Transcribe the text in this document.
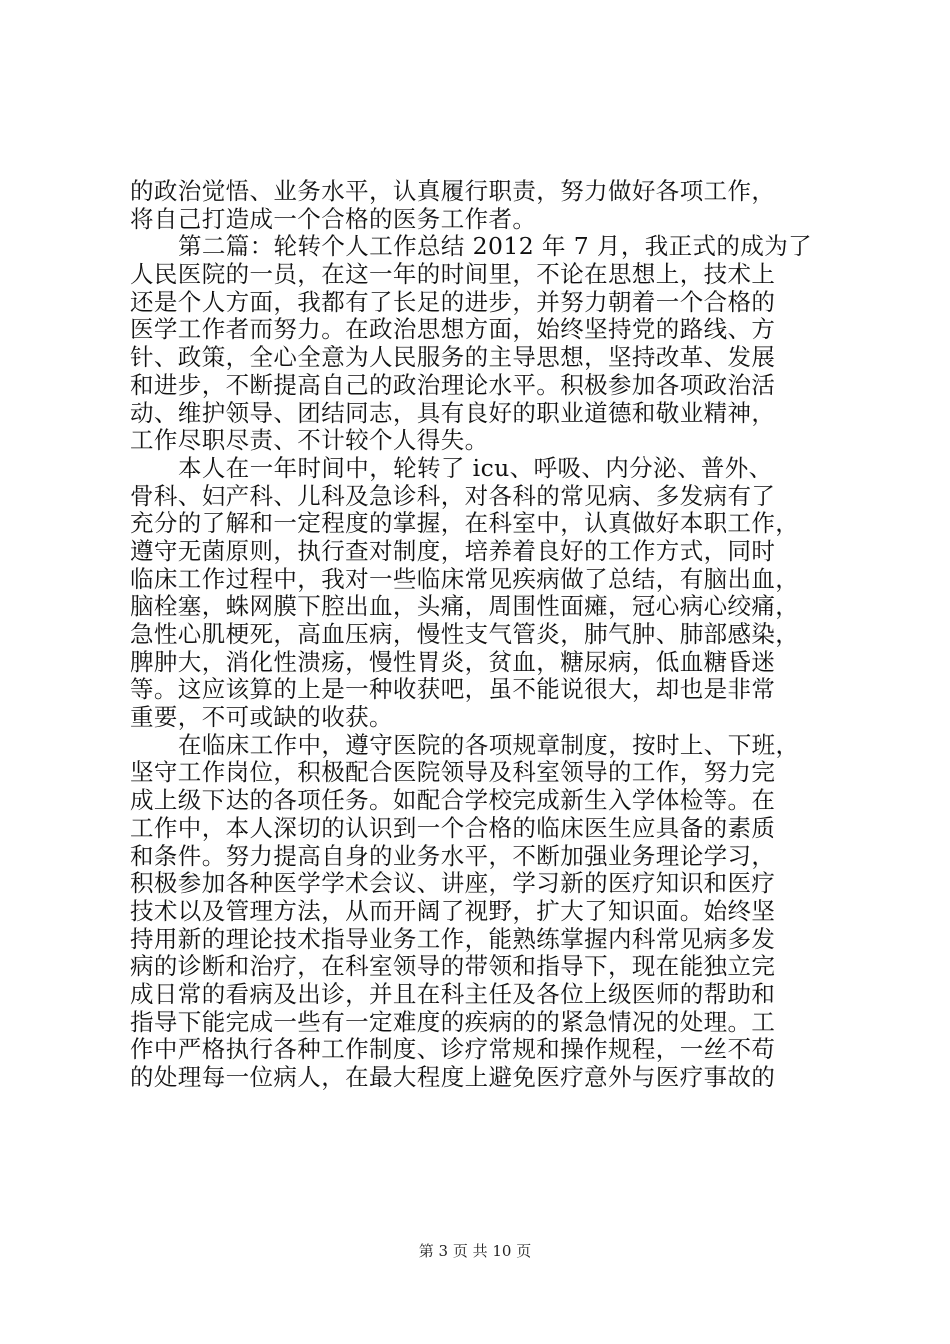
的政治觉悟、业务水平，认真履行职责，努力做好各项工作，
将自己打造成一个合格的医务工作者。
第二篇：轮转个人工作总结 2012 年 7 月，我正式的成为了
人民医院的一员，在这一年的时间里，不论在思想上，技术上
还是个人方面，我都有了长足的进步，并努力朝着一个合格的
医学工作者而努力。在政治思想方面，始终坚持党的路线、方
针、政策，全心全意为人民服务的主导思想，坚持改革、发展
和进步，不断提高自己的政治理论水平。积极参加各项政治活
动、维护领导、团结同志，具有良好的职业道德和敬业精神，
工作尽职尽责、不计较个人得失。
本人在一年时间中，轮转了 icu、呼吸、内分泌、普外、
骨科、妇产科、儿科及急诊科，对各科的常见病、多发病有了
充分的了解和一定程度的掌握，在科室中，认真做好本职工作，
遵守无菌原则，执行查对制度，培养着良好的工作方式，同时
临床工作过程中，我对一些临床常见疾病做了总结，有脑出血，
脑栓塞，蛛网膜下腔出血，头痛，周围性面瘫，冠心病心绞痛，
急性心肌梗死，高血压病，慢性支气管炎，肺气肿、肺部感染，
脾肿大，消化性溃疡，慢性胃炎，贫血，糖尿病，低血糖昏迷
等。这应该算的上是一种收获吧，虽不能说很大，却也是非常
重要，不可或缺的收获。
在临床工作中，遵守医院的各项规章制度，按时上、下班，
坚守工作岗位，积极配合医院领导及科室领导的工作，努力完
成上级下达的各项任务。如配合学校完成新生入学体检等。在
工作中，本人深切的认识到一个合格的临床医生应具备的素质
和条件。努力提高自身的业务水平，不断加强业务理论学习，
积极参加各种医学学术会议、讲座，学习新的医疗知识和医疗
技术以及管理方法，从而开阔了视野，扩大了知识面。始终坚
持用新的理论技术指导业务工作，能熟练掌握内科常见病多发
病的诊断和治疗，在科室领导的带领和指导下，现在能独立完
成日常的看病及出诊，并且在科主任及各位上级医师的帮助和
指导下能完成一些有一定难度的疾病的的紧急情况的处理。工
作中严格执行各种工作制度、诊疗常规和操作规程，一丝不苟
的处理每一位病人，在最大程度上避免医疗意外与医疗事故的
第 3 页 共 10 页
